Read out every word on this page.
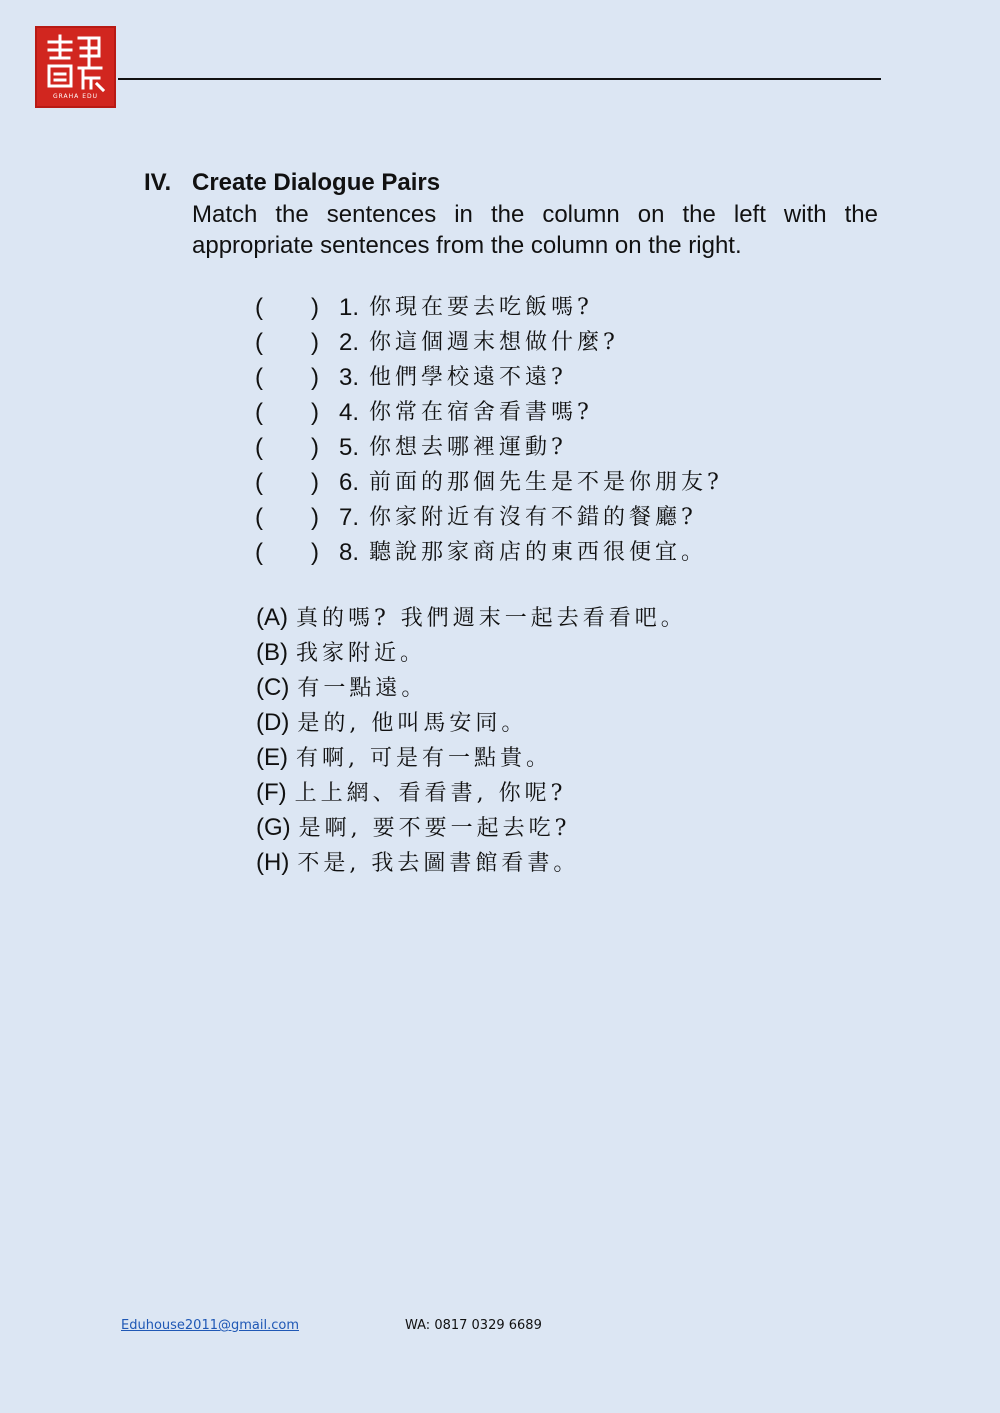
GRAHA EDU
IV. Create Dialogue Pairs
Match the sentences in the column on the left with the appropriate sentences from the column on the right.
(	) 1. 你現在要去吃飯嗎?
(	) 2. 你這個週末想做什麼?
(	) 3. 他們學校遠不遠?
(	) 4. 你常在宿舍看書嗎?
(	) 5. 你想去哪裡運動?
(	) 6. 前面的那個先生是不是你朋友?
(	) 7. 你家附近有沒有不錯的餐廳?
(	) 8. 聽說那家商店的東西很便宜。
(A) 真的嗎? 我們週末一起去看看吧。
(B) 我家附近。
(C) 有一點遠。
(D) 是的, 他叫馬安同。
(E) 有啊, 可是有一點貴。
(F) 上上網、看看書, 你呢?
(G) 是啊, 要不要一起去吃?
(H) 不是, 我去圖書館看書。
Eduhouse2011@gmail.com	WA: 0817 0329 6689
